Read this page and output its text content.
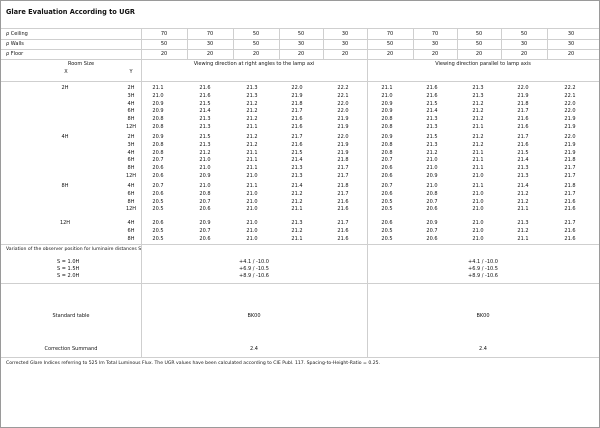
Glare Evaluation According to UGR
Room Size
X	Y
Viewing direction at right angles to the lamp axi	Viewing direction parallel to lamp axis
ρ Ceiling	70	70	50	50	30	70	70	50	50	30
ρ Walls	50	30	50	30	30	50	30	50	30	30
ρ Floor	20	20	20	20	20	20	20	20	20	20
2H	2H	21.1	21.6	21.3	22.0	22.2	21.1	21.6	21.3	22.0	22.2
3H	21.0	21.6	21.3	21.9	22.1	21.0	21.6	21.3	21.9	22.1
4H	20.9	21.5	21.2	21.8	22.0	20.9	21.5	21.2	21.8	22.0
6H	20.9	21.4	21.2	21.7	22.0	20.9	21.4	21.2	21.7	22.0
8H	20.8	21.3	21.2	21.6	21.9	20.8	21.3	21.2	21.6	21.9
12H	20.8	21.3	21.1	21.6	21.9	20.8	21.3	21.1	21.6	21.9
4H	2H	20.9	21.5	21.2	21.7	22.0	20.9	21.5	21.2	21.7	22.0
3H	20.8	21.3	21.2	21.6	21.9	20.8	21.3	21.2	21.6	21.9
4H	20.8	21.2	21.1	21.5	21.9	20.8	21.2	21.1	21.5	21.9
6H	20.7	21.0	21.1	21.4	21.8	20.7	21.0	21.1	21.4	21.8
8H	20.6	21.0	21.1	21.3	21.7	20.6	21.0	21.1	21.3	21.7
12H	20.6	20.9	21.0	21.3	21.7	20.6	20.9	21.0	21.3	21.7
8H	4H	20.7	21.0	21.1	21.4	21.8	20.7	21.0	21.1	21.4	21.8
6H	20.6	20.8	21.0	21.2	21.7	20.6	20.8	21.0	21.2	21.7
8H	20.5	20.7	21.0	21.2	21.6	20.5	20.7	21.0	21.2	21.6
12H	20.5	20.6	21.0	21.1	21.6	20.5	20.6	21.0	21.1	21.6
12H	4H	20.6	20.9	21.0	21.3	21.7	20.6	20.9	21.0	21.3	21.7
6H	20.5	20.7	21.0	21.2	21.6	20.5	20.7	21.0	21.2	21.6
8H	20.5	20.6	21.0	21.1	21.6	20.5	20.6	21.0	21.1	21.6
Variation of the observer position for luminaire distances S
S = 1.0H	+4.1 / -10.0	+4.1 / -10.0
S = 1.5H	+6.9 / -10.5	+6.9 / -10.5
S = 2.0H	+8.9 / -10.6	+8.9 / -10.6
Standard table	BK00	BK00
Correction Summand	2.4	2.4
Corrected Glare Indices referring to 525 lm Total Luminous Flux. The UGR values have been calculated according to CIE Publ. 117. Spacing-to-Height-Ratio = 0.25.
